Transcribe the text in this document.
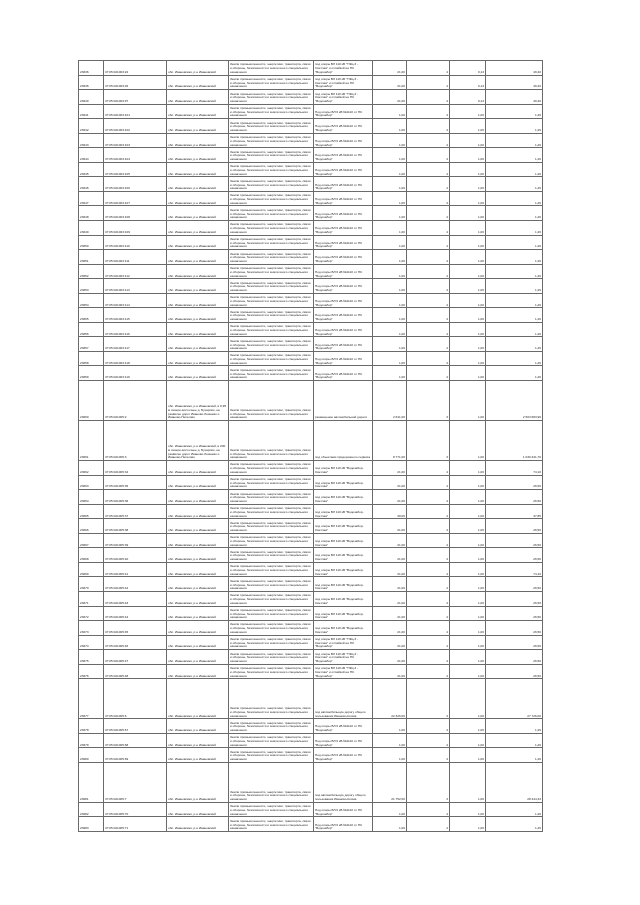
23636	37:05:021003:22	обл. Ивановская, р-н Ивановский	Земли промышленности, энергетики, транспорта, связи и обороны, безопасности и земли иного специального назначения	под опоры ВЛ 110 кВ "ТЭЦ-3 - Светлая" и отпайкой на ПС "Водозабор"	21,00	4	0,13	49,40
23636	37:05:021003:26	обл. Ивановская, р-н Ивановский	Земли промышленности, энергетики, транспорта, связи и обороны, безопасности и земли иного специального назначения	под опоры ВЛ 110 кВ "ТЭЦ-3 - Светлая" и отпайкой на ПС "Водозабор"	21,00	4	0,13	49,40
23640	37:05:021003:97	обл. Ивановская, р-н Ивановский	Земли промышленности, энергетики, транспорта, связи и обороны, безопасности и земли иного специального назначения	под опоры ВЛ 110 кВ "ТЭЦ-3 - Светлая" и отпайкой на ПС "Водозабор"	21,00	4	0,13	49,40
23641	37:05:021003:101	обл. Ивановская, р-н Ивановский	Земли промышленности, энергетики, транспорта, связи и обороны, безопасности и земли иного специального назначения	Под опоры ВЛ 6 кВ №1110 от ПС "Водозабор"	1,00	4	1,00	1,26
23642	37:05:021003:102	обл. Ивановская, р-н Ивановский	Земли промышленности, энергетики, транспорта, связи и обороны, безопасности и земли иного специального назначения	Под опоры ВЛ 6 кВ №1110 от ПС "Водозабор"	1,00	4	1,00	1,26
23643	37:05:021003:103	обл. Ивановская, р-н Ивановский	Земли промышленности, энергетики, транспорта, связи и обороны, безопасности и земли иного специального назначения	Под опоры ВЛ 6 кВ №1110 от ПС "Водозабор"	1,00	4	1,00	1,26
23644	37:05:021003:104	обл. Ивановская, р-н Ивановский	Земли промышленности, энергетики, транспорта, связи и обороны, безопасности и земли иного специального назначения	Под опоры ВЛ 6 кВ №1110 от ПС "Водозабор"	1,00	4	1,00	1,26
23645	37:05:021003:105	обл. Ивановская, р-н Ивановский	Земли промышленности, энергетики, транспорта, связи и обороны, безопасности и земли иного специального назначения	Под опоры ВЛ 6 кВ №1110 от ПС "Водозабор"	1,00	4	1,00	1,26
23646	37:05:021003:106	обл. Ивановская, р-н Ивановский	Земли промышленности, энергетики, транспорта, связи и обороны, безопасности и земли иного специального назначения	Под опоры ВЛ 6 кВ №1110 от ПС "Водозабор"	1,00	4	1,00	1,26
23647	37:05:021003:107	обл. Ивановская, р-н Ивановский	Земли промышленности, энергетики, транспорта, связи и обороны, безопасности и земли иного специального назначения	Под опоры ВЛ 6 кВ №1110 от ПС "Водозабор"	1,00	4	1,00	1,26
23648	37:05:021003:108	обл. Ивановская, р-н Ивановский	Земли промышленности, энергетики, транспорта, связи и обороны, безопасности и земли иного специального назначения	Под опоры ВЛ 6 кВ №1110 от ПС "Водозабор"	1,00	4	1,00	1,26
23649	37:05:021003:109	обл. Ивановская, р-н Ивановский	Земли промышленности, энергетики, транспорта, связи и обороны, безопасности и земли иного специального назначения	Под опоры ВЛ 6 кВ №1110 от ПС "Водозабор"	1,00	4	1,00	1,26
23650	37:05:021003:110	обл. Ивановская, р-н Ивановский	Земли промышленности, энергетики, транспорта, связи и обороны, безопасности и земли иного специального назначения	Под опоры ВЛ 6 кВ №1110 от ПС "Водозабор"	1,00	4	1,00	1,26
23651	37:05:021003:111	обл. Ивановская, р-н Ивановский	Земли промышленности, энергетики, транспорта, связи и обороны, безопасности и земли иного специального назначения	Под опоры ВЛ 6 кВ №1110 от ПС "Водозабор"	1,00	4	1,00	1,26
23652	37:05:021003:112	обл. Ивановская, р-н Ивановский	Земли промышленности, энергетики, транспорта, связи и обороны, безопасности и земли иного специального назначения	Под опоры ВЛ 6 кВ №1110 от ПС "Водозабор"	1,00	4	1,00	1,26
23653	37:05:021003:113	обл. Ивановская, р-н Ивановский	Земли промышленности, энергетики, транспорта, связи и обороны, безопасности и земли иного специального назначения	Под опоры ВЛ 6 кВ №1110 от ПС "Водозабор"	1,00	4	1,00	1,26
23654	37:05:021003:114	обл. Ивановская, р-н Ивановский	Земли промышленности, энергетики, транспорта, связи и обороны, безопасности и земли иного специального назначения	Под опоры ВЛ 6 кВ №1110 от ПС "Водозабор"	1,00	4	1,00	1,26
23655	37:05:021003:115	обл. Ивановская, р-н Ивановский	Земли промышленности, энергетики, транспорта, связи и обороны, безопасности и земли иного специального назначения	Под опоры ВЛ 6 кВ №1110 от ПС "Водозабор"	1,00	4	1,00	1,26
23656	37:05:021003:116	обл. Ивановская, р-н Ивановский	Земли промышленности, энергетики, транспорта, связи и обороны, безопасности и земли иного специального назначения	Под опоры ВЛ 6 кВ №1110 от ПС "Водозабор"	1,00	4	1,00	1,26
23657	37:05:021003:117	обл. Ивановская, р-н Ивановский	Земли промышленности, энергетики, транспорта, связи и обороны, безопасности и земли иного специального назначения	Под опоры ВЛ 6 кВ №1110 от ПС "Водозабор"	1,00	4	1,00	1,26
23658	37:05:021003:118	обл. Ивановская, р-н Ивановский	Земли промышленности, энергетики, транспорта, связи и обороны, безопасности и земли иного специального назначения	Под опоры ВЛ 6 кВ №1110 от ПС "Водозабор"	1,00	4	1,00	1,26
23659	37:05:021003:119	обл. Ивановская, р-н Ивановский	Земли промышленности, энергетики, транспорта, связи и обороны, безопасности и земли иного специального назначения	Под опоры ВЛ 6 кВ №1110 от ПС "Водозабор"	1,00	4	1,00	1,26
23660	37:05:021005:2	обл. Ивановская, р-н Ивановский, в 0,95 м северо-восточнее д. Бухарово, на развилке дорог Иваново-Лежнево и Иваново-Пелегово	Земли промышленности, энергетики, транспорта, связи и обороны, безопасности и земли иного специального назначения	размещение автомобильной дороги	2 641,00	3	1,00	2 503 683,96
23661	37:05:021005:3	обл. Ивановская, р-н Ивановский, в 200 м северо-восточнее д. Бухарово, на развилке дорог Иваново-Лежнево и Иваново-Пелегово	Земли промышленности, энергетики, транспорта, связи и обороны, безопасности и земли иного специального назначения	под объектами придорожного сервиса	8 771,00	3	1,00	1 030 341,70
23662	37:05:021005:34	обл. Ивановская, р-н Ивановский	Земли промышленности, энергетики, транспорта, связи и обороны, безопасности и земли иного специального назначения	под опоры ВЛ 110 кВ "Водозабор-Светлая"	21,00	4	1,00	74,10
23663	37:05:021005:35	обл. Ивановская, р-н Ивановский	Земли промышленности, энергетики, транспорта, связи и обороны, безопасности и земли иного специального назначения	под опоры ВЛ 110 кВ "Водозабор-Светлая"	21,00	4	1,00	26,50
23664	37:05:021005:36	обл. Ивановская, р-н Ивановский	Земли промышленности, энергетики, транспорта, связи и обороны, безопасности и земли иного специального назначения	под опоры ВЛ 110 кВ "Водозабор-Светлая"	21,00	4	1,00	26,50
23665	37:05:021005:37	обл. Ивановская, р-н Ивановский	Земли промышленности, энергетики, транспорта, связи и обороны, безопасности и земли иного специального назначения	под опоры ВЛ 110 кВ "Водозабор-Светлая"	30,00	4	1,00	37,85
23666	37:05:021005:38	обл. Ивановская, р-н Ивановский	Земли промышленности, энергетики, транспорта, связи и обороны, безопасности и земли иного специального назначения	под опоры ВЛ 110 кВ "Водозабор-Светлая"	21,00	4	1,00	26,50
23667	37:05:021005:39	обл. Ивановская, р-н Ивановский	Земли промышленности, энергетики, транспорта, связи и обороны, безопасности и земли иного специального назначения	под опоры ВЛ 110 кВ "Водозабор-Светлая"	21,00	4	1,00	26,50
23668	37:05:021005:40	обл. Ивановская, р-н Ивановский	Земли промышленности, энергетики, транспорта, связи и обороны, безопасности и земли иного специального назначения	под опоры ВЛ 110 кВ "Водозабор-Светлая"	21,00	4	1,00	26,50
23669	37:05:021005:41	обл. Ивановская, р-н Ивановский	Земли промышленности, энергетики, транспорта, связи и обороны, безопасности и земли иного специального назначения	под опоры ВЛ 110 кВ "Водозабор-Светлая"	21,00	4	1,00	74,10
23670	37:05:021005:42	обл. Ивановская, р-н Ивановский	Земли промышленности, энергетики, транспорта, связи и обороны, безопасности и земли иного специального назначения	под опоры ВЛ 110 кВ "Водозабор-Светлая"	21,00	4	1,00	26,50
23671	37:05:021005:43	обл. Ивановская, р-н Ивановский	Земли промышленности, энергетики, транспорта, связи и обороны, безопасности и земли иного специального назначения	под опоры ВЛ 110 кВ "Водозабор-Светлая"	21,00	4	1,00	26,50
23672	37:05:021005:44	обл. Ивановская, р-н Ивановский	Земли промышленности, энергетики, транспорта, связи и обороны, безопасности и земли иного специального назначения	под опоры ВЛ 110 кВ "Водозабор-Светлая"	21,00	4	1,00	26,50
23673	37:05:021005:45	обл. Ивановская, р-н Ивановский	Земли промышленности, энергетики, транспорта, связи и обороны, безопасности и земли иного специального назначения	под опоры ВЛ 110 кВ "Водозабор-Светлая"	21,00	4	1,00	26,50
23674	37:05:021005:46	обл. Ивановская, р-н Ивановский	Земли промышленности, энергетики, транспорта, связи и обороны, безопасности и земли иного специального назначения	под опоры ВЛ 110 кВ "ТЭЦ-3 - Светлая" и отпайкой на ПС "Водозабор"	21,00	4	1,00	26,50
23675	37:05:021005:47	обл. Ивановская, р-н Ивановский	Земли промышленности, энергетики, транспорта, связи и обороны, безопасности и земли иного специального назначения	под опоры ВЛ 110 кВ "ТЭЦ-3 - Светлая" и отпайкой на ПС "Водозабор"	21,00	4	1,00	26,50
23676	37:05:021005:48	обл. Ивановская, р-н Ивановский	Земли промышленности, энергетики, транспорта, связи и обороны, безопасности и земли иного специального назначения	под опоры ВЛ 110 кВ "ТЭЦ-3 - Светлая" и отпайкой на ПС "Водозабор"	21,00	4	1,00	26,50
23677	37:05:021005:6	обл. Ивановская, р-н Ивановский	Земли промышленности, энергетики, транспорта, связи и обороны, безопасности и земли иного специального назначения	под автомобильную дорогу общего пользования Иваново-Кохма	22 326,00	3	1,00	27 726,00
23678	37:05:021005:67	обл. Ивановская, р-н Ивановский	Земли промышленности, энергетики, транспорта, связи и обороны, безопасности и земли иного специального назначения	Под опоры ВЛ 6 кВ №1110 от ПС "Водозабор"	1,00	4	1,00	1,26
23679	37:05:021005:68	обл. Ивановская, р-н Ивановский	Земли промышленности, энергетики, транспорта, связи и обороны, безопасности и земли иного специального назначения	Под опоры ВЛ 6 кВ №1110 от ПС "Водозабор"	1,00	4	1,00	1,26
23680	37:05:021005:69	обл. Ивановская, р-н Ивановский	Земли промышленности, энергетики, транспорта, связи и обороны, безопасности и земли иного специального назначения	Под опоры ВЛ 6 кВ №1110 от ПС "Водозабор"	1,00	4	1,00	1,26
23681	37:05:021005:7	обл. Ивановская, р-н Ивановский	Земли промышленности, энергетики, транспорта, связи и обороны, безопасности и земли иного специального назначения	под автомобильную дорогу общего пользования Иваново-Кохма	21 752,00	3	1,00	28 444,34
23682	37:05:021005:70	обл. Ивановская, р-н Ивановский	Земли промышленности, энергетики, транспорта, связи и обороны, безопасности и земли иного специального назначения	Под опоры ВЛ 6 кВ №1110 от ПС "Водозабор"	1,00	4	1,00	1,26
23683	37:05:021005:71	обл. Ивановская, р-н Ивановский	Земли промышленности, энергетики, транспорта, связи и обороны, безопасности и земли иного специального назначения	Под опоры ВЛ 6 кВ №1110 от ПС "Водозабор"	1,00	4	1,00	1,26
